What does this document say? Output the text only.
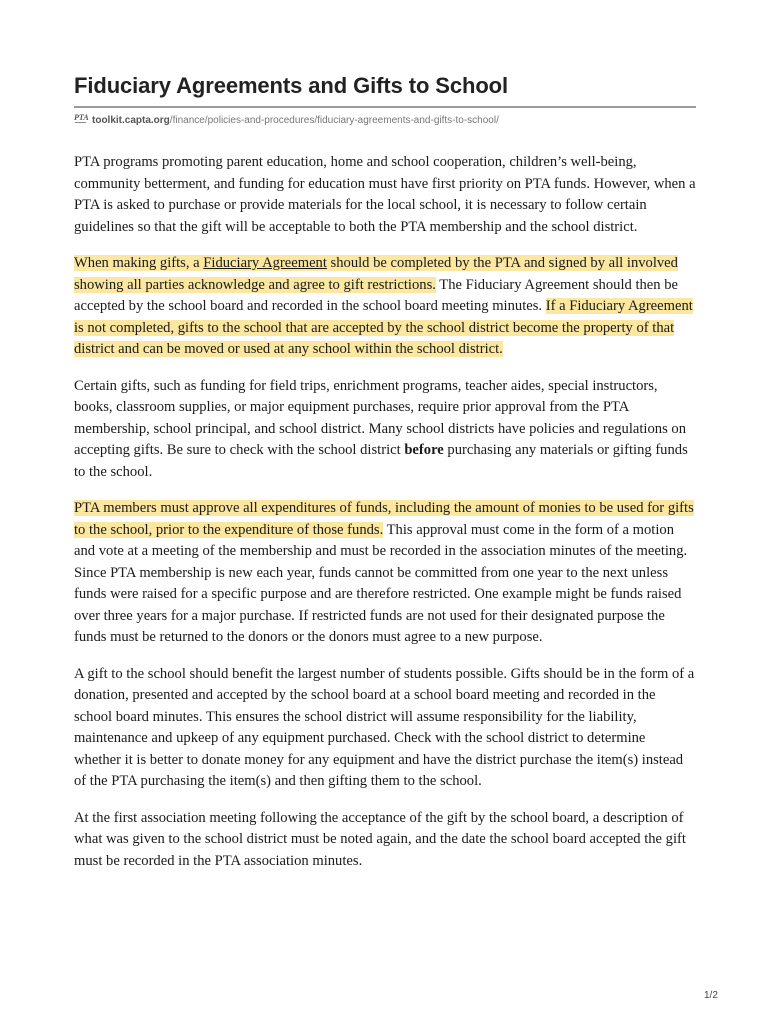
Fiduciary Agreements and Gifts to School
PTA toolkit.capta.org/finance/policies-and-procedures/fiduciary-agreements-and-gifts-to-school/

PTA programs promoting parent education, home and school cooperation, children’s well-being, community betterment, and funding for education must have first priority on PTA funds. However, when a PTA is asked to purchase or provide materials for the local school, it is necessary to follow certain guidelines so that the gift will be acceptable to both the PTA membership and the school district.

When making gifts, a Fiduciary Agreement should be completed by the PTA and signed by all involved showing all parties acknowledge and agree to gift restrictions. The Fiduciary Agreement should then be accepted by the school board and recorded in the school board meeting minutes. If a Fiduciary Agreement is not completed, gifts to the school that are accepted by the school district become the property of that district and can be moved or used at any school within the school district.

Certain gifts, such as funding for field trips, enrichment programs, teacher aides, special instructors, books, classroom supplies, or major equipment purchases, require prior approval from the PTA membership, school principal, and school district. Many school districts have policies and regulations on accepting gifts. Be sure to check with the school district before purchasing any materials or gifting funds to the school.

PTA members must approve all expenditures of funds, including the amount of monies to be used for gifts to the school, prior to the expenditure of those funds. This approval must come in the form of a motion and vote at a meeting of the membership and must be recorded in the association minutes of the meeting. Since PTA membership is new each year, funds cannot be committed from one year to the next unless funds were raised for a specific purpose and are therefore restricted. One example might be funds raised over three years for a major purchase. If restricted funds are not used for their designated purpose the funds must be returned to the donors or the donors must agree to a new purpose.

A gift to the school should benefit the largest number of students possible. Gifts should be in the form of a donation, presented and accepted by the school board at a school board meeting and recorded in the school board minutes. This ensures the school district will assume responsibility for the liability, maintenance and upkeep of any equipment purchased. Check with the school district to determine whether it is better to donate money for any equipment and have the district purchase the item(s) instead of the PTA purchasing the item(s) and then gifting them to the school.

At the first association meeting following the acceptance of the gift by the school board, a description of what was given to the school district must be noted again, and the date the school board accepted the gift must be recorded in the PTA association minutes.

1/2
